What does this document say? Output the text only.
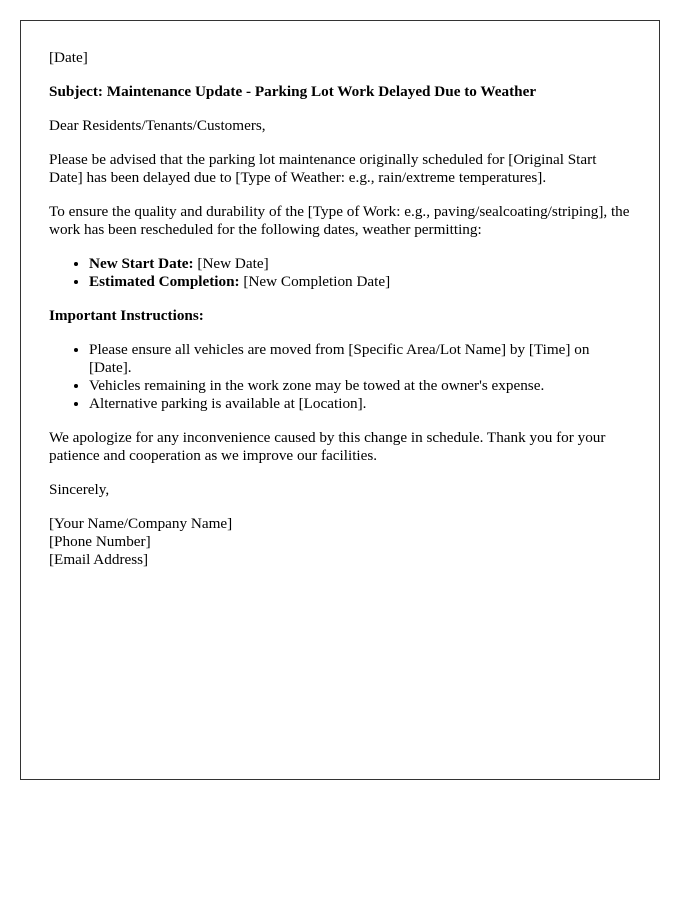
[Date]

Subject: Maintenance Update - Parking Lot Work Delayed Due to Weather

Dear Residents/Tenants/Customers,

Please be advised that the parking lot maintenance originally scheduled for [Original Start Date] has been delayed due to [Type of Weather: e.g., rain/extreme temperatures].

To ensure the quality and durability of the [Type of Work: e.g., paving/sealcoating/striping], the work has been rescheduled for the following dates, weather permitting:

• New Start Date: [New Date]
• Estimated Completion: [New Completion Date]

Important Instructions:

• Please ensure all vehicles are moved from [Specific Area/Lot Name] by [Time] on [Date].
• Vehicles remaining in the work zone may be towed at the owner's expense.
• Alternative parking is available at [Location].

We apologize for any inconvenience caused by this change in schedule. Thank you for your patience and cooperation as we improve our facilities.

Sincerely,

[Your Name/Company Name]
[Phone Number]
[Email Address]
